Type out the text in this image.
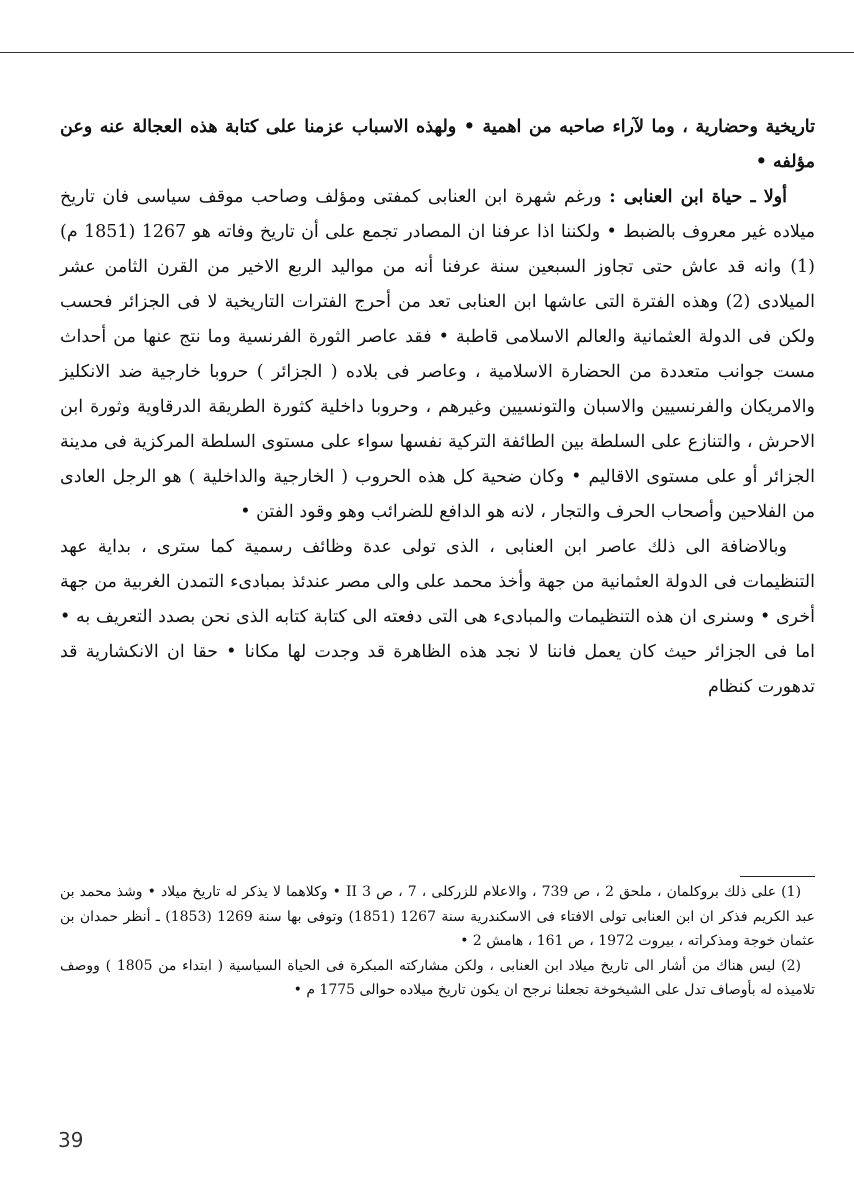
تاريخية وحضارية ، وما لآراء صاحبه من اهمية • ولهذه الاسباب عزمنا على كتابة هذه العجالة عنه وعن مؤلفه •

أولا ـ حياة ابن العنابى : ورغم شهرة ابن العنابى كمفتى ومؤلف وصاحب موقف سياسى فان تاريخ ميلاده غير معروف بالضبط • ولكننا اذا عرفنا ان المصادر تجمع على أن تاريخ وفاته هو 1267 (1851 م) (1) وانه قد عاش حتى تجاوز السبعين سنة عرفنا أنه من مواليد الربع الاخير من القرن الثامن عشر الميلادى (2) وهذه الفترة التى عاشها ابن العنابى تعد من أحرج الفترات التاريخية لا فى الجزائر فحسب ولكن فى الدولة العثمانية والعالم الاسلامى قاطبة • فقد عاصر الثورة الفرنسية وما نتج عنها من أحداث مست جوانب متعددة من الحضارة الاسلامية ، وعاصر فى بلاده ( الجزائر ) حروبا خارجية ضد الانكليز والامريكان والفرنسيين والاسبان والتونسيين وغيرهم ، وحروبا داخلية كثورة الطريقة الدرقاوية وثورة ابن الاحرش ، والتنازع على السلطة بين الطائفة التركية نفسها سواء على مستوى السلطة المركزية فى مدينة الجزائر أو على مستوى الاقاليم • وكان ضحية كل هذه الحروب ( الخارجية والداخلية ) هو الرجل العادى من الفلاحين وأصحاب الحرف والتجار ، لانه هو الدافع للضرائب وهو وقود الفتن •

وبالاضافة الى ذلك عاصر ابن العنابى ، الذى تولى عدة وظائف رسمية كما سترى ، بداية عهد التنظيمات فى الدولة العثمانية من جهة وأخذ محمد على والى مصر عندئذ بمبادىء التمدن الغربية من جهة أخرى • وسنرى ان هذه التنظيمات والمبادىء هى التى دفعته الى كتابة كتابه الذى نحن بصدد التعريف به • اما فى الجزائر حيث كان يعمل فاننا لا نجد هذه الظاهرة قد وجدت لها مكانا • حقا ان الانكشارية قد تدهورت كنظام

(1) على ذلك بروكلمان ، ملحق 2 ، ص 739 ، والاعلام للزركلى ، 7 ، ص II 3 • وكلاهما لا يذكر له تاريخ ميلاد • وشذ محمد بن عبد الكريم فذكر ان ابن العنابى تولى الافتاء فى الاسكندرية سنة 1267 (1851) وتوفى بها سنة 1269 (1853) ـ أنظر حمدان بن عثمان خوجة ومذكراته ، بيروت 1972 ، ص 161 ، هامش 2 •

(2) ليس هناك من أشار الى تاريخ ميلاد ابن العنابى ، ولكن مشاركته المبكرة فى الحياة السياسية ( ابتداء من 1805 ) ووصف تلاميذه له بأوصاف تدل على الشيخوخة تجعلنا نرجح ان يكون تاريخ ميلاده حوالى 1775 م •

39
